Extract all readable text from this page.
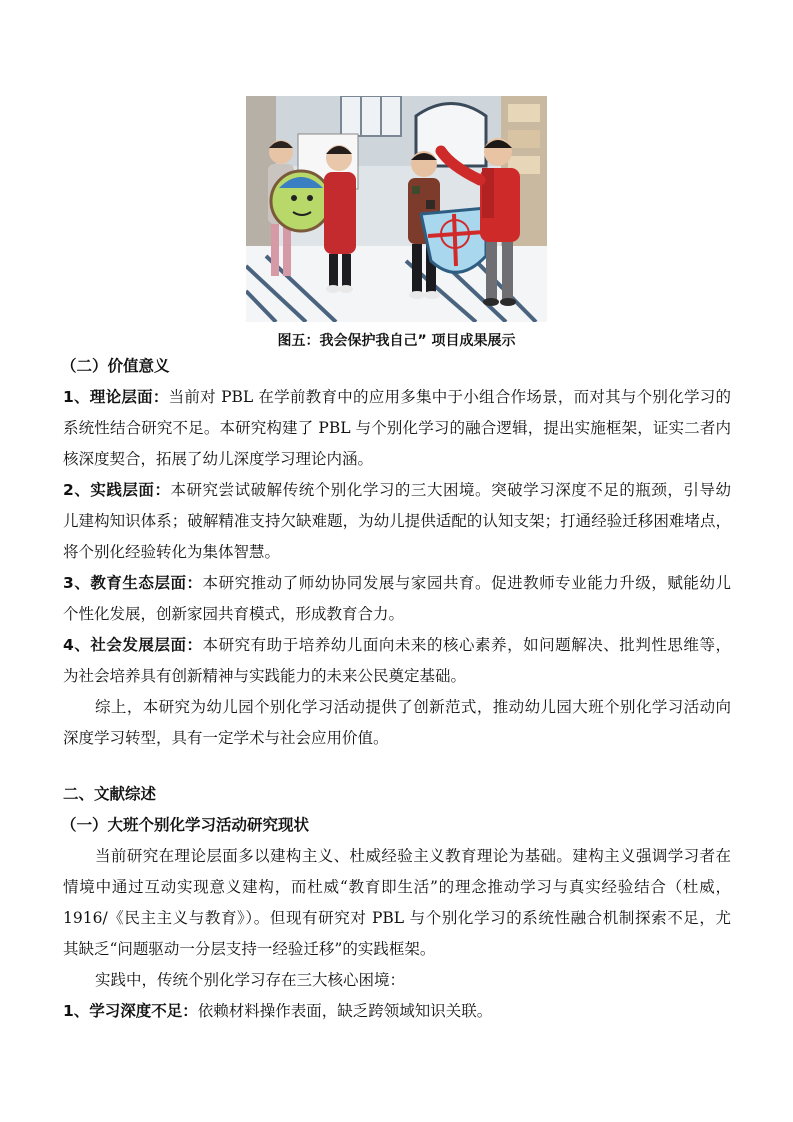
图五：我会保护我自己” 项目成果展示
（二）价值意义
1、理论层面：当前对 PBL 在学前教育中的应用多集中于小组合作场景，而对其与个别化学习的
系统性结合研究不足。本研究构建了 PBL 与个别化学习的融合逻辑，提出实施框架，证实二者内
核深度契合，拓展了幼儿深度学习理论内涵。
2、实践层面：本研究尝试破解传统个别化学习的三大困境。突破学习深度不足的瓶颈，引导幼
儿建构知识体系；破解精准支持欠缺难题，为幼儿提供适配的认知支架；打通经验迁移困难堵点，
将个别化经验转化为集体智慧。
3、教育生态层面：本研究推动了师幼协同发展与家园共育。促进教师专业能力升级，赋能幼儿
个性化发展，创新家园共育模式，形成教育合力。
4、社会发展层面：本研究有助于培养幼儿面向未来的核心素养，如问题解决、批判性思维等，
为社会培养具有创新精神与实践能力的未来公民奠定基础。
综上，本研究为幼儿园个别化学习活动提供了创新范式，推动幼儿园大班个别化学习活动向
深度学习转型，具有一定学术与社会应用价值。
二、文献综述
（一）大班个别化学习活动研究现状
当前研究在理论层面多以建构主义、杜威经验主义教育理论为基础。建构主义强调学习者在
情境中通过互动实现意义建构，而杜威“教育即生活”的理念推动学习与真实经验结合（杜威，
1916/《民主主义与教育》）。但现有研究对 PBL 与个别化学习的系统性融合机制探索不足，尤
其缺乏“问题驱动一分层支持一经验迁移”的实践框架。
实践中，传统个别化学习存在三大核心困境：
1、学习深度不足：依赖材料操作表面，缺乏跨领域知识关联。
